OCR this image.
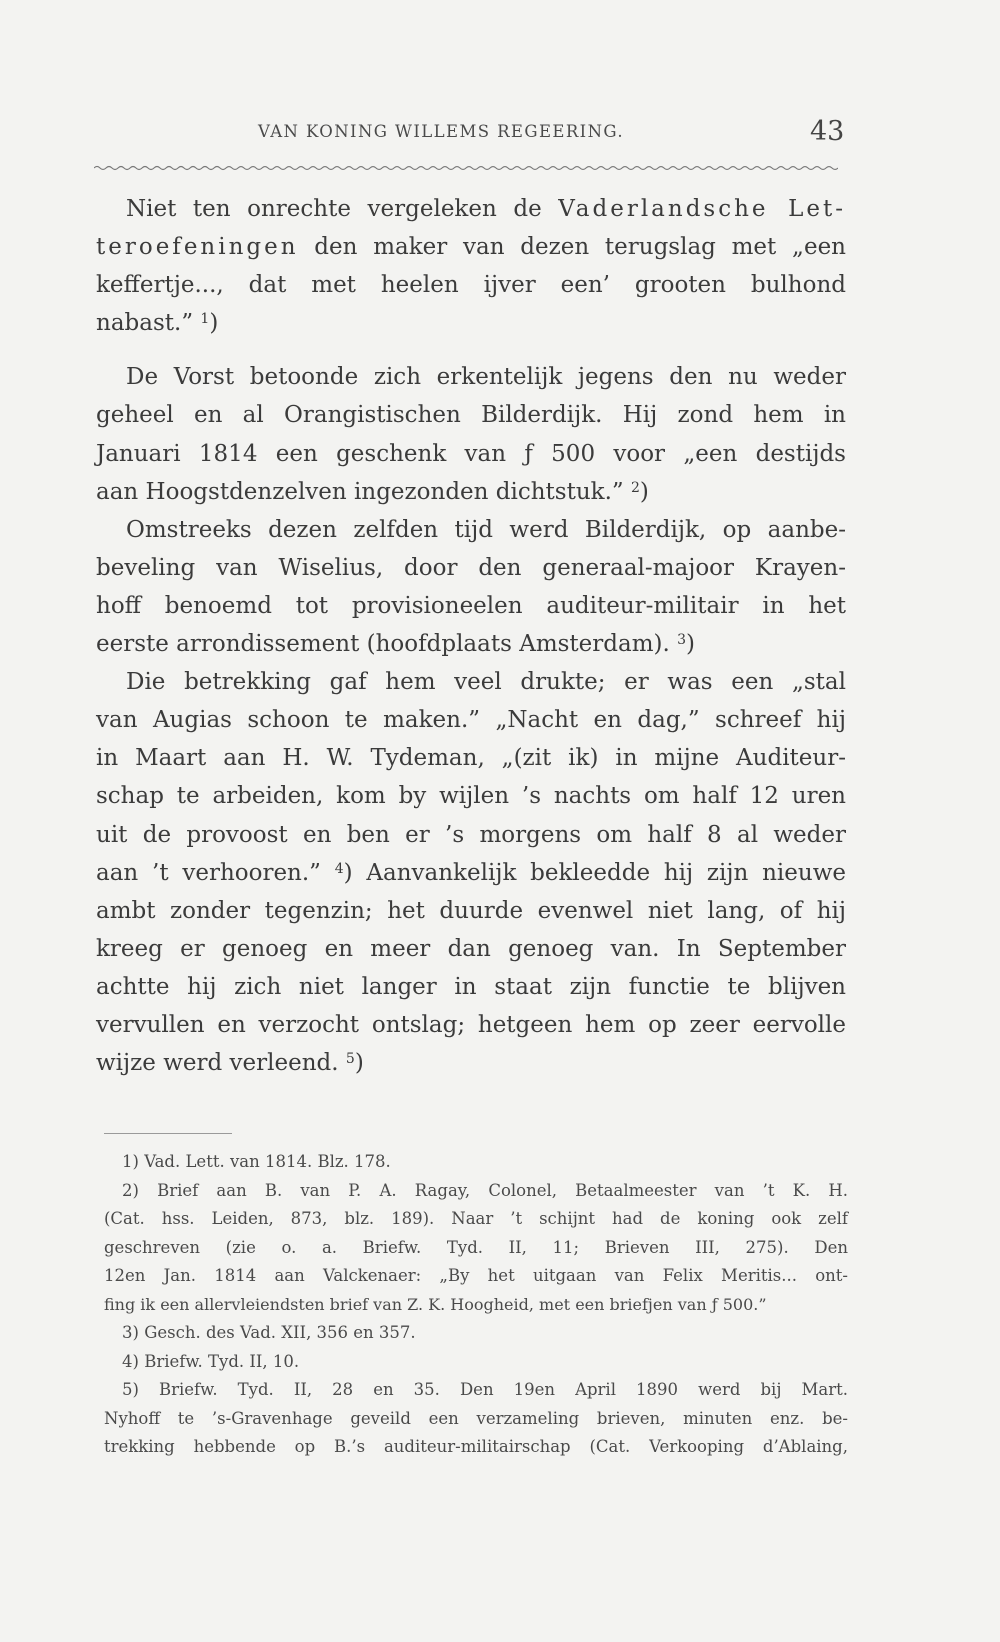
VAN KONING WILLEMS REGEERING.	43
Niet ten onrechte vergeleken de Vaderlandsche Let-
teroefeningen den maker van dezen terugslag met „een
keffertje..., dat met heelen ijver een’ grooten bulhond
nabast.” $^1$)
De Vorst betoonde zich erkentelijk jegens den nu weder
geheel en al Orangistischen Bilderdijk. Hij zond hem in
Januari 1814 een geschenk van ƒ 500 voor „een destijds
aan Hoogstdenzelven ingezonden dichtstuk.” $^2$)
Omstreeks dezen zelfden tijd werd Bilderdijk, op aanbe-
beveling van Wiselius, door den generaal-majoor Krayen-
hoff benoemd tot provisioneelen auditeur-militair in het
eerste arrondissement (hoofdplaats Amsterdam). $^3$)
Die betrekking gaf hem veel drukte; er was een „stal
van Augias schoon te maken.” „Nacht en dag,” schreef hij
in Maart aan H. W. Tydeman, „(zit ik) in mijne Auditeur-
schap te arbeiden, kom by wijlen ’s nachts om half 12 uren
uit de provoost en ben er ’s morgens om half 8 al weder
aan ’t verhooren.” $^4$) Aanvankelijk bekleedde hij zijn nieuwe
ambt zonder tegenzin; het duurde evenwel niet lang, of hij
kreeg er genoeg en meer dan genoeg van. In September
achtte hij zich niet langer in staat zijn functie te blijven
vervullen en verzocht ontslag; hetgeen hem op zeer eervolle
wijze werd verleend. $^5$)
1) Vad. Lett. van 1814. Blz. 178.
2) Brief aan B. van P. A. Ragay, Colonel, Betaalmeester van ’t K. H.
(Cat. hss. Leiden, 873, blz. 189). Naar ’t schijnt had de koning ook zelf
geschreven (zie o. a. Briefw. Tyd. II, 11; Brieven III, 275). Den
12en Jan. 1814 aan Valckenaer: „By het uitgaan van Felix Meritis... ont-
fing ik een allervleiendsten brief van Z. K. Hoogheid, met een briefjen van ƒ 500.”
3) Gesch. des Vad. XII, 356 en 357.
4) Briefw. Tyd. II, 10.
5) Briefw. Tyd. II, 28 en 35. Den 19en April 1890 werd bij Mart.
Nyhoff te ’s-Gravenhage geveild een verzameling brieven, minuten enz. be-
trekking hebbende op B.’s auditeur-militairschap (Cat. Verkooping d’Ablaing,
